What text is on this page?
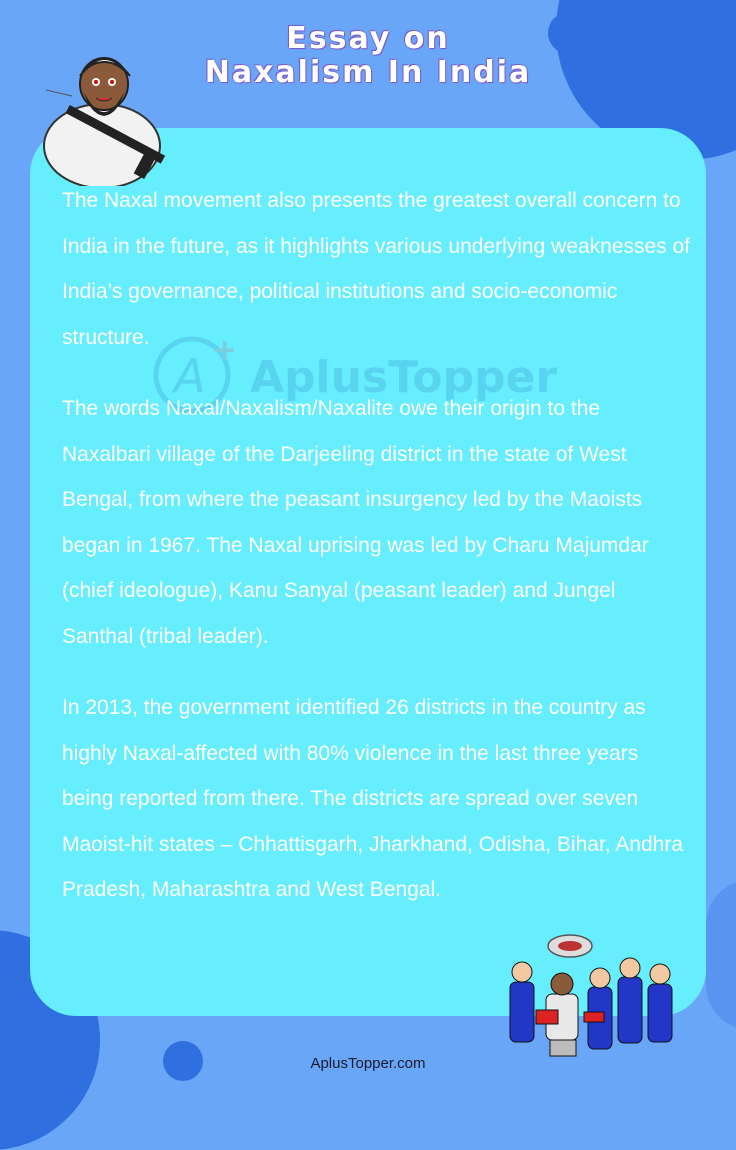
Essay on
Naxalism In India
A +
AplusTopper

The Naxal movement also presents the greatest overall concern to India in the future, as it highlights various underlying weaknesses of India’s governance, political institutions and socio-economic structure.

The words Naxal/Naxalism/Naxalite owe their origin to the Naxalbari village of the Darjeeling district in the state of West Bengal, from where the peasant insurgency led by the Maoists began in 1967. The Naxal uprising was led by Charu Majumdar (chief ideologue), Kanu Sanyal (peasant leader) and Jungel Santhal (tribal leader).

In 2013, the government identified 26 districts in the country as highly Naxal-affected with 80% violence in the last three years being reported from there. The districts are spread over seven Maoist-hit states – Chhattisgarh, Jharkhand, Odisha, Bihar, Andhra Pradesh, Maharashtra and West Bengal.

AplusTopper.com
